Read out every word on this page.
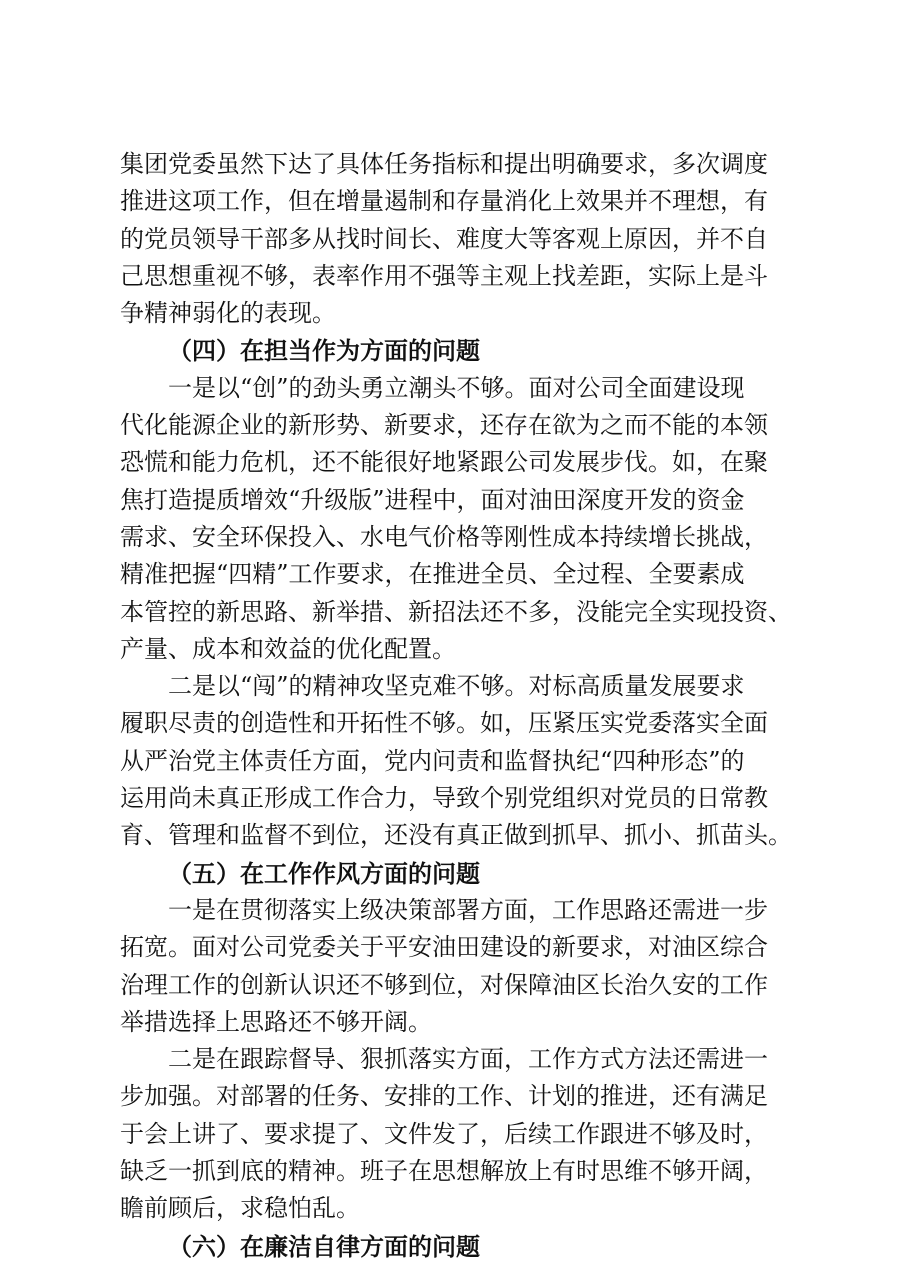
集团党委虽然下达了具体任务指标和提出明确要求，多次调度
推进这项工作，但在增量遏制和存量消化上效果并不理想，有
的党员领导干部多从找时间长、难度大等客观上原因，并不自
己思想重视不够，表率作用不强等主观上找差距，实际上是斗
争精神弱化的表现。

（四）在担当作为方面的问题

一是以“创”的劲头勇立潮头不够。面对公司全面建设现
代化能源企业的新形势、新要求，还存在欲为之而不能的本领
恐慌和能力危机，还不能很好地紧跟公司发展步伐。如，在聚
焦打造提质增效“升级版”进程中，面对油田深度开发的资金
需求、安全环保投入、水电气价格等刚性成本持续增长挑战，
精准把握“四精”工作要求，在推进全员、全过程、全要素成
本管控的新思路、新举措、新招法还不多，没能完全实现投资、
产量、成本和效益的优化配置。

二是以“闯”的精神攻坚克难不够。对标高质量发展要求
履职尽责的创造性和开拓性不够。如，压紧压实党委落实全面
从严治党主体责任方面，党内问责和监督执纪“四种形态”的
运用尚未真正形成工作合力，导致个别党组织对党员的日常教
育、管理和监督不到位，还没有真正做到抓早、抓小、抓苗头。

（五）在工作作风方面的问题

一是在贯彻落实上级决策部署方面，工作思路还需进一步
拓宽。面对公司党委关于平安油田建设的新要求，对油区综合
治理工作的创新认识还不够到位，对保障油区长治久安的工作
举措选择上思路还不够开阔。

二是在跟踪督导、狠抓落实方面，工作方式方法还需进一
步加强。对部署的任务、安排的工作、计划的推进，还有满足
于会上讲了、要求提了、文件发了，后续工作跟进不够及时，
缺乏一抓到底的精神。班子在思想解放上有时思维不够开阔，
瞻前顾后，求稳怕乱。

（六）在廉洁自律方面的问题
